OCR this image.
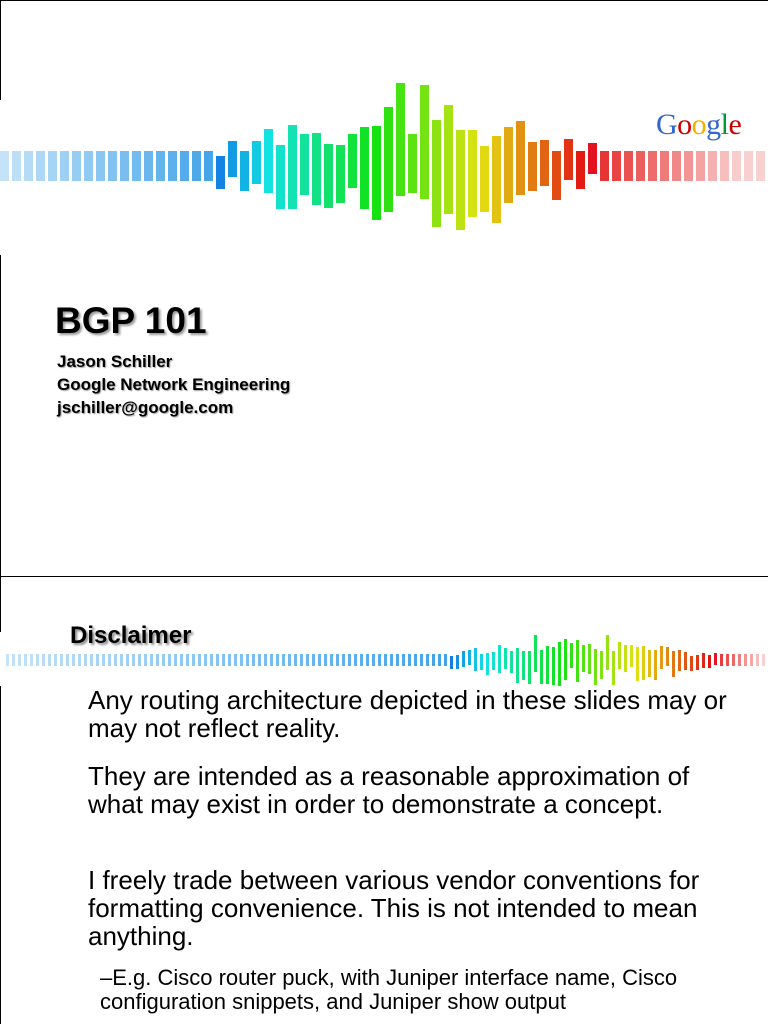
Google
BGP 101

Jason Schiller

Google Network Engineering

jschiller@google.com

Disclaimer

Any routing architecture depicted in these slides may or may not reflect reality.

They are intended as a reasonable approximation of what may exist in order to demonstrate a concept.

I freely trade between various vendor conventions for formatting convenience. This is not intended to mean anything.

–E.g. Cisco router puck, with Juniper interface name, Cisco configuration snippets, and Juniper show output
